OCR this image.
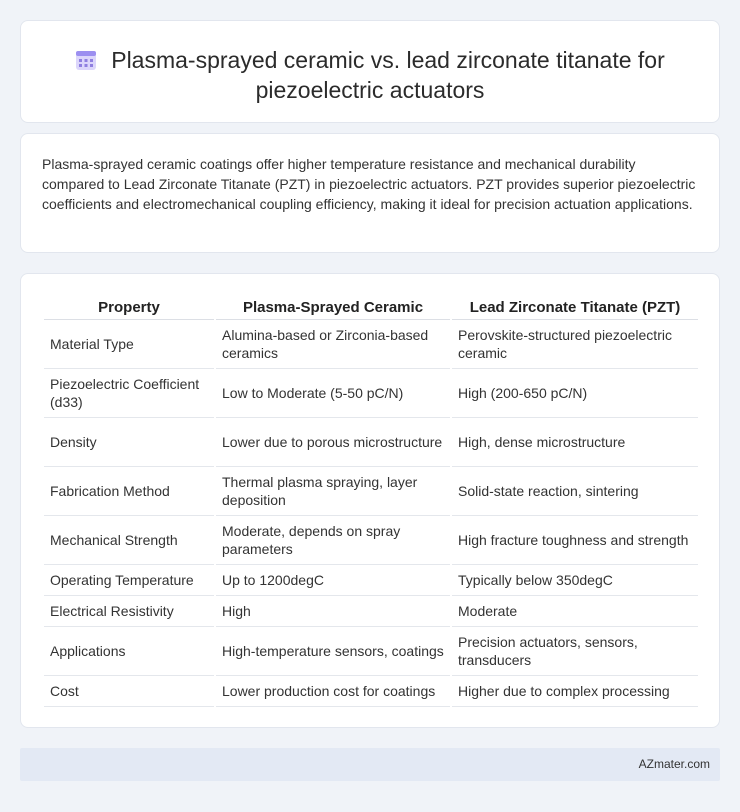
Plasma-sprayed ceramic vs. lead zirconate titanate for piezoelectric actuators

Plasma-sprayed ceramic coatings offer higher temperature resistance and mechanical durability compared to Lead Zirconate Titanate (PZT) in piezoelectric actuators. PZT provides superior piezoelectric coefficients and electromechanical coupling efficiency, making it ideal for precision actuation applications.

Property	Plasma-Sprayed Ceramic	Lead Zirconate Titanate (PZT)
Material Type	Alumina-based or Zirconia-based ceramics	Perovskite-structured piezoelectric ceramic
Piezoelectric Coefficient (d33)	Low to Moderate (5-50 pC/N)	High (200-650 pC/N)
Density	Lower due to porous microstructure	High, dense microstructure
Fabrication Method	Thermal plasma spraying, layer deposition	Solid-state reaction, sintering
Mechanical Strength	Moderate, depends on spray parameters	High fracture toughness and strength
Operating Temperature	Up to 1200degC	Typically below 350degC
Electrical Resistivity	High	Moderate
Applications	High-temperature sensors, coatings	Precision actuators, sensors, transducers
Cost	Lower production cost for coatings	Higher due to complex processing
AZmater.com
